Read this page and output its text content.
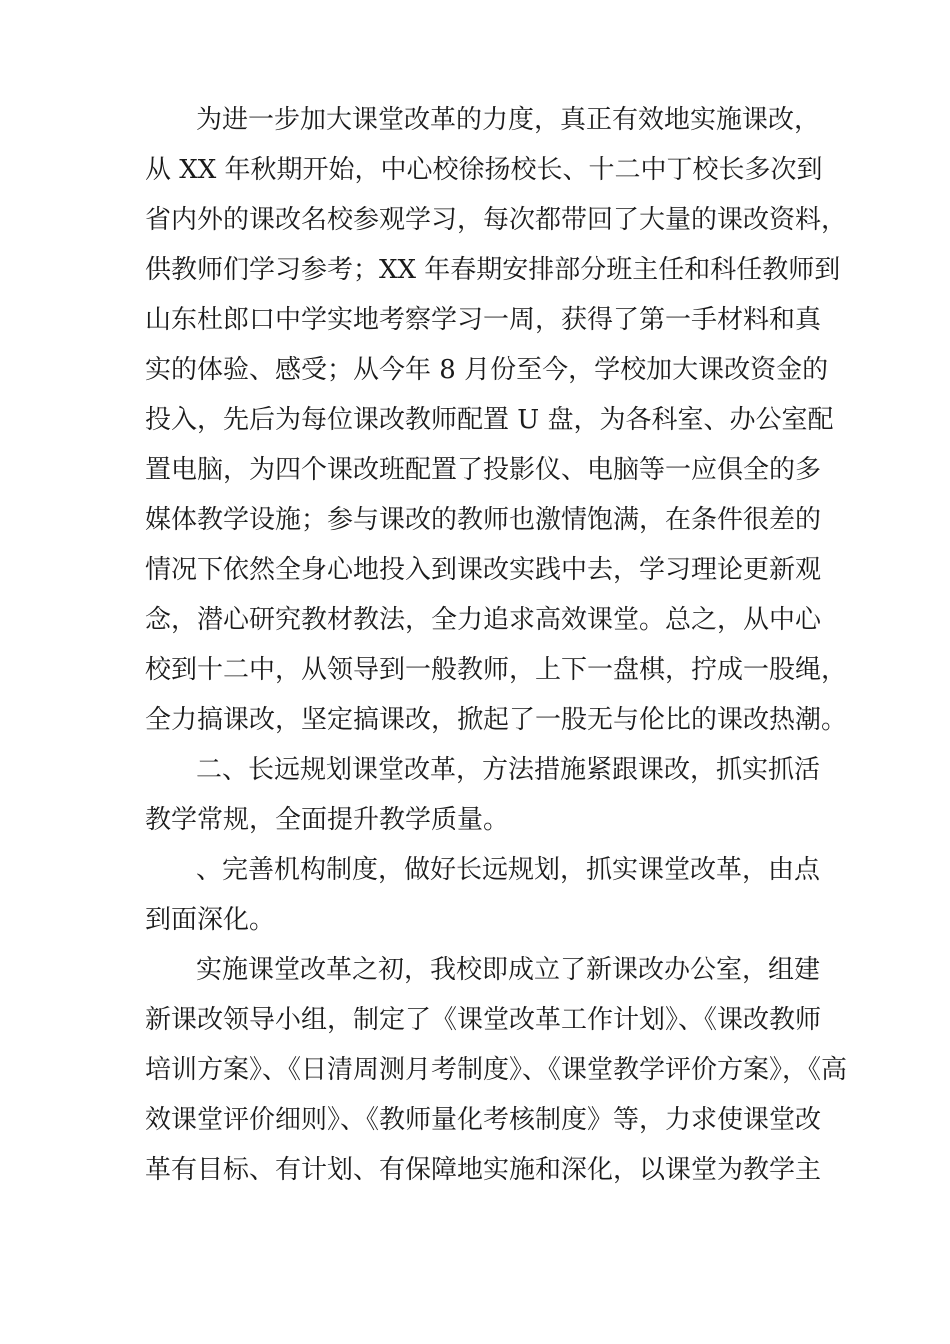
为进一步加大课堂改革的力度，真正有效地实施课改，
从 XX 年秋期开始，中心校徐扬校长、十二中丁校长多次到
省内外的课改名校参观学习，每次都带回了大量的课改资料，
供教师们学习参考；XX 年春期安排部分班主任和科任教师到
山东杜郎口中学实地考察学习一周，获得了第一手材料和真
实的体验、感受；从今年 8 月份至今，学校加大课改资金的
投入，先后为每位课改教师配置 U 盘，为各科室、办公室配
置电脑，为四个课改班配置了投影仪、电脑等一应俱全的多
媒体教学设施；参与课改的教师也激情饱满，在条件很差的
情况下依然全身心地投入到课改实践中去，学习理论更新观
念，潜心研究教材教法，全力追求高效课堂。总之，从中心
校到十二中，从领导到一般教师，上下一盘棋，拧成一股绳，
全力搞课改，坚定搞课改，掀起了一股无与伦比的课改热潮。
二、长远规划课堂改革，方法措施紧跟课改，抓实抓活
教学常规，全面提升教学质量。
、完善机构制度，做好长远规划，抓实课堂改革，由点
到面深化。
实施课堂改革之初，我校即成立了新课改办公室，组建
新课改领导小组，制定了《课堂改革工作计划》、《课改教师
培训方案》、《日清周测月考制度》、《课堂教学评价方案》，《高
效课堂评价细则》、《教师量化考核制度》等，力求使课堂改
革有目标、有计划、有保障地实施和深化，以课堂为教学主
